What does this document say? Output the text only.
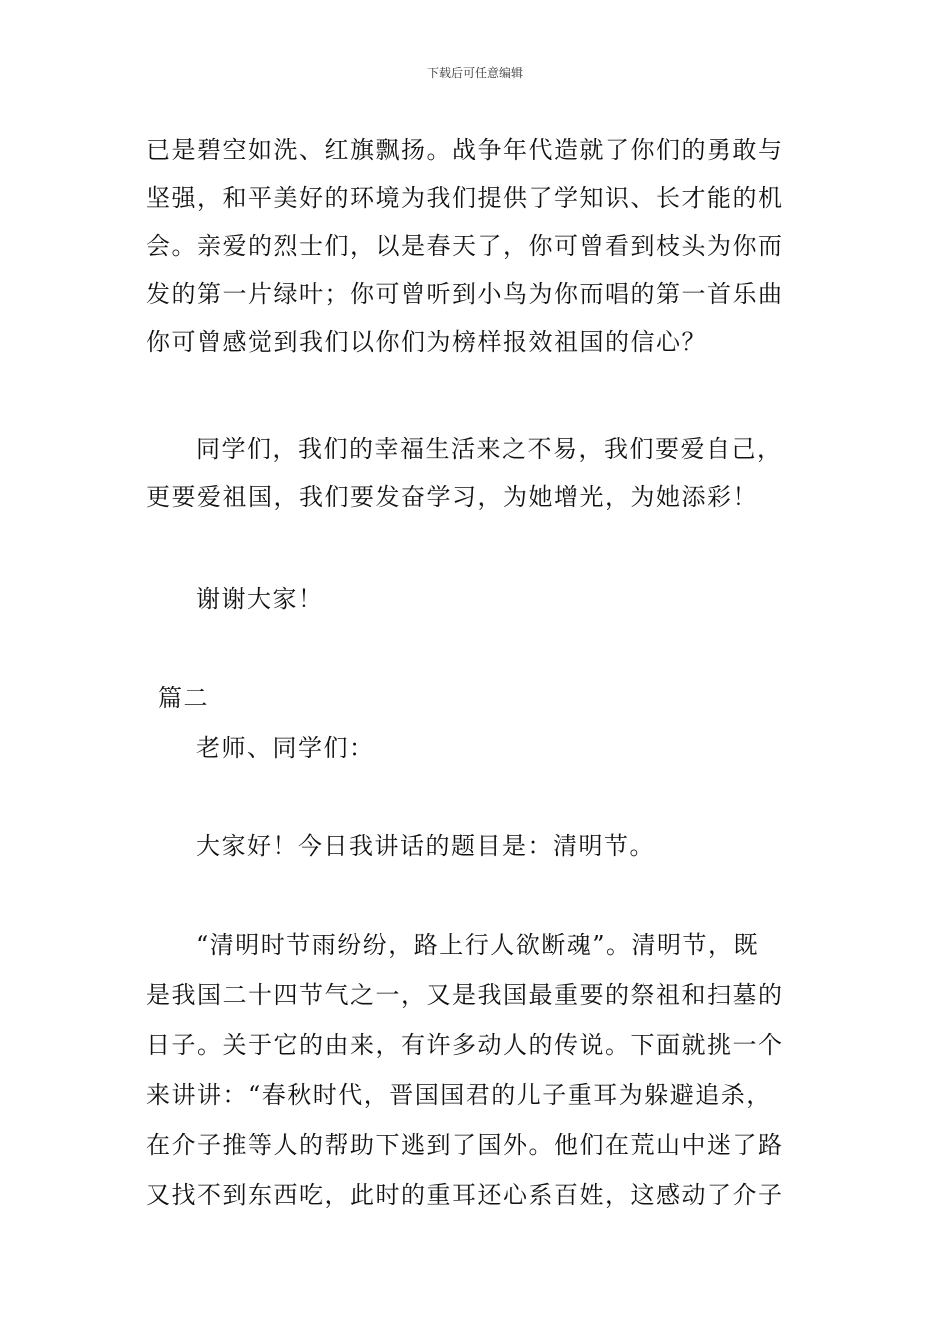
下载后可任意编辑
已是碧空如洗、红旗飘扬。战争年代造就了你们的勇敢与
坚强，和平美好的环境为我们提供了学知识、长才能的机
会。亲爱的烈士们，以是春天了，你可曾看到枝头为你而
发的第一片绿叶；你可曾听到小鸟为你而唱的第一首乐曲
你可曾感觉到我们以你们为榜样报效祖国的信心？
同学们，我们的幸福生活来之不易，我们要爱自己，
更要爱祖国，我们要发奋学习，为她增光，为她添彩！
谢谢大家！
篇二
老师、同学们：
大家好！今日我讲话的题目是：清明节。
“清明时节雨纷纷，路上行人欲断魂”。清明节，既
是我国二十四节气之一，又是我国最重要的祭祖和扫墓的
日子。关于它的由来，有许多动人的传说。下面就挑一个
来讲讲：“春秋时代，晋国国君的儿子重耳为躲避追杀，
在介子推等人的帮助下逃到了国外。他们在荒山中迷了路
又找不到东西吃，此时的重耳还心系百姓，这感动了介子
